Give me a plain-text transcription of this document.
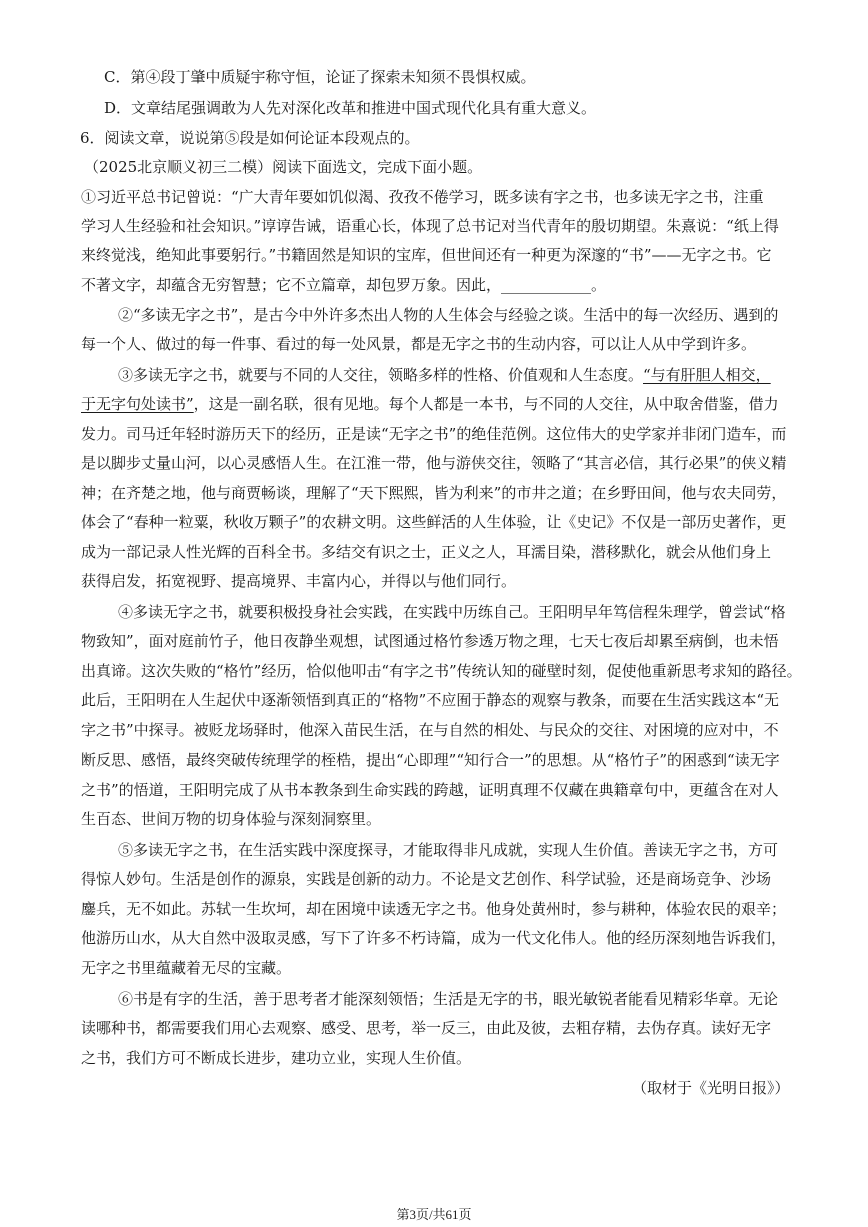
C．第④段丁肇中质疑宇称守恒，论证了探索未知须不畏惧权威。
D．文章结尾强调敢为人先对深化改革和推进中国式现代化具有重大意义。
6．阅读文章，说说第⑤段是如何论证本段观点的。
（2025北京顺义初三二模）阅读下面选文，完成下面小题。
①习近平总书记曾说：“广大青年要如饥似渴、孜孜不倦学习，既多读有字之书，也多读无字之书，注重
学习人生经验和社会知识。”谆谆告诫，语重心长，体现了总书记对当代青年的殷切期望。朱熹说：“纸上得
来终觉浅，绝知此事要躬行。”书籍固然是知识的宝库，但世间还有一种更为深邃的“书”——无字之书。它
不著文字，却蕴含无穷智慧；它不立篇章，却包罗万象。因此，____________。
②“多读无字之书”，是古今中外许多杰出人物的人生体会与经验之谈。生活中的每一次经历、遇到的
每一个人、做过的每一件事、看过的每一处风景，都是无字之书的生动内容，可以让人从中学到许多。
③多读无字之书，就要与不同的人交往，领略多样的性格、价值观和人生态度。“与有肝胆人相交，
于无字句处读书”，这是一副名联，很有见地。每个人都是一本书，与不同的人交往，从中取舍借鉴，借力
发力。司马迁年轻时游历天下的经历，正是读“无字之书”的绝佳范例。这位伟大的史学家并非闭门造车，而
是以脚步丈量山河，以心灵感悟人生。在江淮一带，他与游侠交往，领略了“其言必信，其行必果”的侠义精
神；在齐楚之地，他与商贾畅谈，理解了“天下熙熙，皆为利来”的市井之道；在乡野田间，他与农夫同劳，
体会了“春种一粒粟，秋收万颗子”的农耕文明。这些鲜活的人生体验，让《史记》不仅是一部历史著作，更
成为一部记录人性光辉的百科全书。多结交有识之士，正义之人，耳濡目染，潜移默化，就会从他们身上
获得启发，拓宽视野、提高境界、丰富内心，并得以与他们同行。
④多读无字之书，就要积极投身社会实践，在实践中历练自己。王阳明早年笃信程朱理学，曾尝试“格
物致知”，面对庭前竹子，他日夜静坐观想，试图通过格竹参透万物之理，七天七夜后却累至病倒，也未悟
出真谛。这次失败的“格竹”经历，恰似他叩击“有字之书”传统认知的碰壁时刻，促使他重新思考求知的路径。
此后，王阳明在人生起伏中逐渐领悟到真正的“格物”不应囿于静态的观察与教条，而要在生活实践这本“无
字之书”中探寻。被贬龙场驿时，他深入苗民生活，在与自然的相处、与民众的交往、对困境的应对中，不
断反思、感悟，最终突破传统理学的桎梏，提出“心即理”“知行合一”的思想。从“格竹子”的困惑到“读无字
之书”的悟道，王阳明完成了从书本教条到生命实践的跨越，证明真理不仅藏在典籍章句中，更蕴含在对人
生百态、世间万物的切身体验与深刻洞察里。
⑤多读无字之书，在生活实践中深度探寻，才能取得非凡成就，实现人生价值。善读无字之书，方可
得惊人妙句。生活是创作的源泉，实践是创新的动力。不论是文艺创作、科学试验，还是商场竞争、沙场
鏖兵，无不如此。苏轼一生坎坷，却在困境中读透无字之书。他身处黄州时，参与耕种，体验农民的艰辛；
他游历山水，从大自然中汲取灵感，写下了许多不朽诗篇，成为一代文化伟人。他的经历深刻地告诉我们，
无字之书里蕴藏着无尽的宝藏。
⑥书是有字的生活，善于思考者才能深刻领悟；生活是无字的书，眼光敏锐者能看见精彩华章。无论
读哪种书，都需要我们用心去观察、感受、思考，举一反三，由此及彼，去粗存精，去伪存真。读好无字
之书，我们方可不断成长进步，建功立业，实现人生价值。
（取材于《光明日报》）
第3页/共61页
